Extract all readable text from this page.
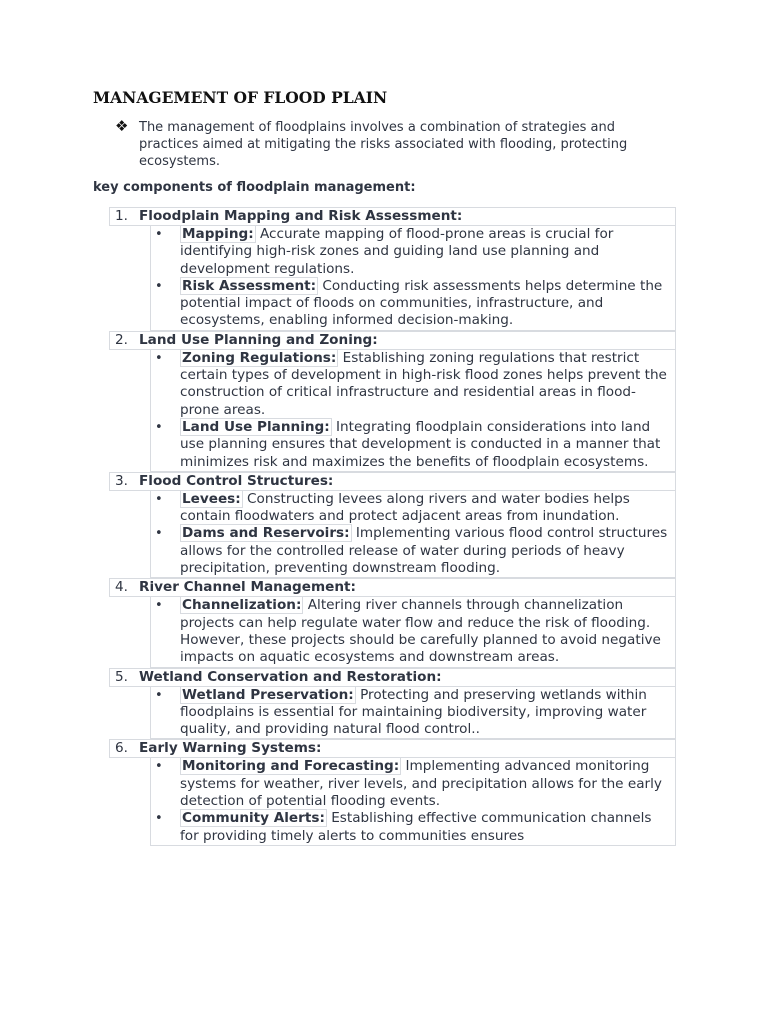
MANAGEMENT OF FLOOD PLAIN
❖ The management of floodplains involves a combination of strategies and practices aimed at mitigating the risks associated with flooding, protecting ecosystems.
key components of floodplain management:
1. Floodplain Mapping and Risk Assessment:
• Mapping: Accurate mapping of flood-prone areas is crucial for identifying high-risk zones and guiding land use planning and development regulations.
• Risk Assessment: Conducting risk assessments helps determine the potential impact of floods on communities, infrastructure, and ecosystems, enabling informed decision-making.
2. Land Use Planning and Zoning:
• Zoning Regulations: Establishing zoning regulations that restrict certain types of development in high-risk flood zones helps prevent the construction of critical infrastructure and residential areas in flood-prone areas.
• Land Use Planning: Integrating floodplain considerations into land use planning ensures that development is conducted in a manner that minimizes risk and maximizes the benefits of floodplain ecosystems.
3. Flood Control Structures:
• Levees: Constructing levees along rivers and water bodies helps contain floodwaters and protect adjacent areas from inundation.
• Dams and Reservoirs: Implementing various flood control structures allows for the controlled release of water during periods of heavy precipitation, preventing downstream flooding.
4. River Channel Management:
• Channelization: Altering river channels through channelization projects can help regulate water flow and reduce the risk of flooding. However, these projects should be carefully planned to avoid negative impacts on aquatic ecosystems and downstream areas.
5. Wetland Conservation and Restoration:
• Wetland Preservation: Protecting and preserving wetlands within floodplains is essential for maintaining biodiversity, improving water quality, and providing natural flood control..
6. Early Warning Systems:
• Monitoring and Forecasting: Implementing advanced monitoring systems for weather, river levels, and precipitation allows for the early detection of potential flooding events.
• Community Alerts: Establishing effective communication channels for providing timely alerts to communities ensures
